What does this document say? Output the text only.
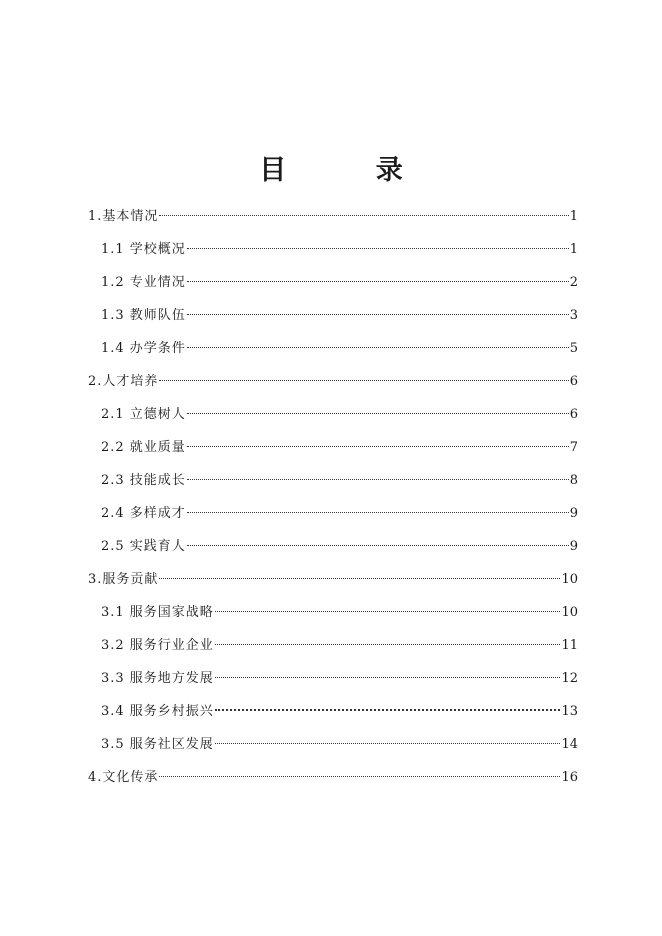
目 录
1.基本情况	1
1.1 学校概况	1
1.2 专业情况	2
1.3 教师队伍	3
1.4 办学条件	5
2.人才培养	6
2.1 立德树人	6
2.2 就业质量	7
2.3 技能成长	8
2.4 多样成才	9
2.5 实践育人	9
3.服务贡献	10
3.1 服务国家战略	10
3.2 服务行业企业	11
3.3 服务地方发展	12
3.4 服务乡村振兴	13
3.5 服务社区发展	14
4.文化传承	16
